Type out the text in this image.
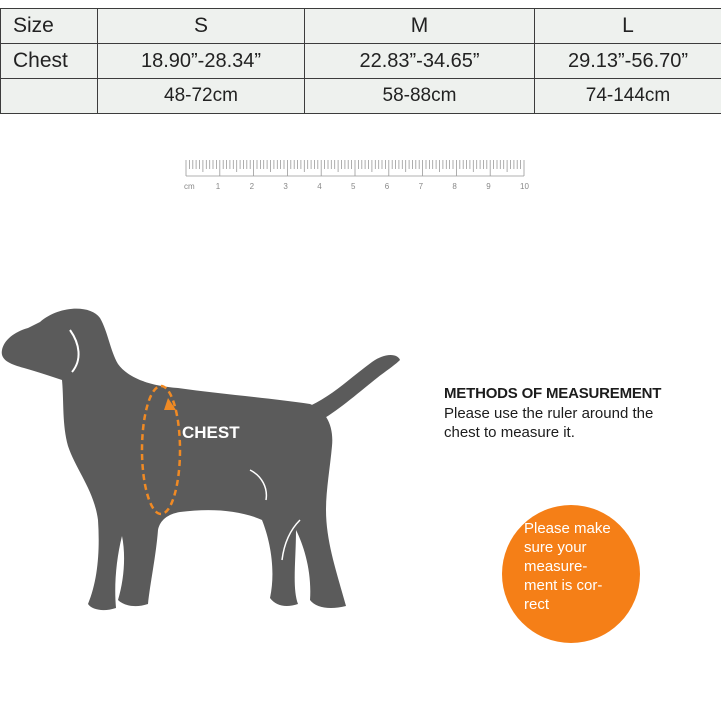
Size	S	M	L
Chest	18.90”-28.34”	22.83”-34.65”	29.13”-56.70”
	48-72cm	58-88cm	74-144cm
cm	1	2	3	4	5	6	7	8	9	10
CHEST
METHODS OF MEASUREMENT
Please use the ruler around the
chest to measure it.
Please make
sure your
measure-
ment is cor-
rect
